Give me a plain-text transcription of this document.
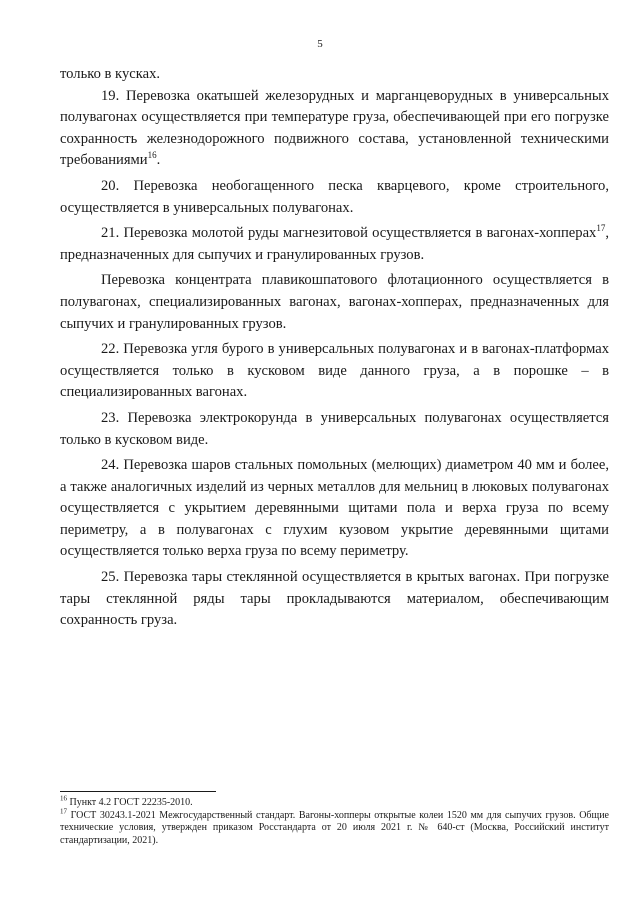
5

только в кусках.

19. Перевозка окатышей железорудных и марганцеворудных в универсальных полувагонах осуществляется при температуре груза, обеспечивающей при его погрузке сохранность железнодорожного подвижного состава, установленной техническими требованиями$^{16}$.

20. Перевозка необогащенного песка кварцевого, кроме строительного, осуществляется в универсальных полувагонах.

21. Перевозка молотой руды магнезитовой осуществляется в вагонах-хопперах$^{17}$, предназначенных для сыпучих и гранулированных грузов.

Перевозка концентрата плавикошпатового флотационного осуществляется в полувагонах, специализированных вагонах, вагонах-хопперах, предназначенных для сыпучих и гранулированных грузов.

22. Перевозка угля бурого в универсальных полувагонах и в вагонах-платформах осуществляется только в кусковом виде данного груза, а в порошке – в специализированных вагонах.

23. Перевозка электрокорунда в универсальных полувагонах осуществляется только в кусковом виде.

24. Перевозка шаров стальных помольных (мелющих) диаметром 40 мм и более, а также аналогичных изделий из черных металлов для мельниц в люковых полувагонах осуществляется с укрытием деревянными щитами пола и верха груза по всему периметру, а в полувагонах с глухим кузовом укрытие деревянными щитами осуществляется только верха груза по всему периметру.

25. Перевозка тары стеклянной осуществляется в крытых вагонах. При погрузке тары стеклянной ряды тары прокладываются материалом, обеспечивающим сохранность груза.

$^{16}$ Пункт 4.2 ГОСТ 22235-2010.

$^{17}$ ГОСТ 30243.1-2021 Межгосударственный стандарт. Вагоны-хопперы открытые колеи 1520 мм для сыпучих грузов. Общие технические условия, утвержден приказом Росстандарта от 20 июля 2021 г. № 640-ст (Москва, Российский институт стандартизации, 2021).
